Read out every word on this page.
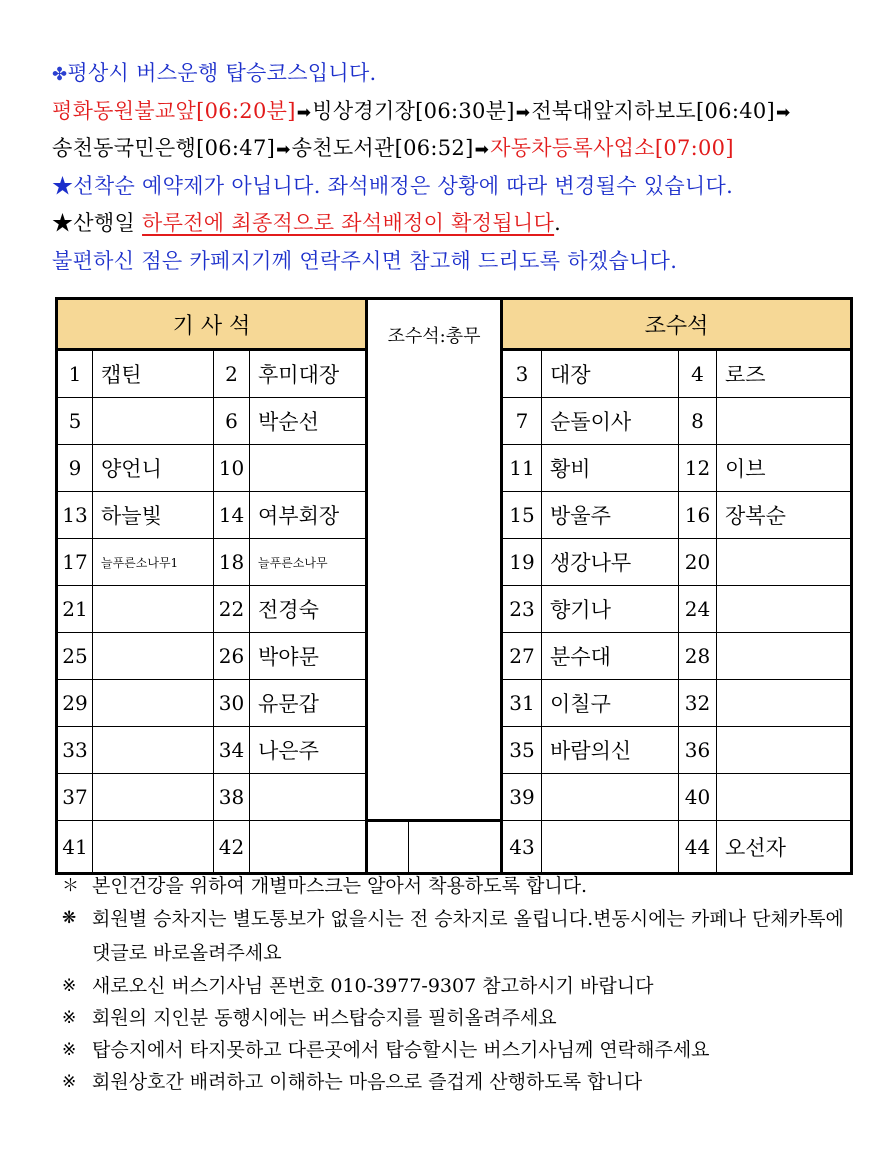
✤평상시 버스운행 탑승코스입니다.
평화동원불교앞[06:20분]➡빙상경기장[06:30분]➡전북대앞지하보도[06:40]➡
송천동국민은행[06:47]➡송천도서관[06:52]➡자동차등록사업소[07:00]
★선착순 예약제가 아닙니다. 좌석배정은 상황에 따라 변경될수 있습니다.
★산행일 하루전에 최종적으로 좌석배정이 확정됩니다.
불편하신 점은 카페지기께 연락주시면 참고해 드리도록 하겠습니다.
기 사 석				조수석:총무	조수석			
1	캡틴	2	후미대장		3	대장	4	로즈
5		6	박순선		7	순돌이사	8	
9	양언니	10			11	황비	12	이브
13	하늘빛	14	여부회장		15	방울주	16	장복순
17	늘푸른소나무1	18	늘푸른소나무		19	생강나무	20	
21		22	전경숙		23	향기나	24	
25		26	박야문		27	분수대	28	
29		30	유문갑		31	이칠구	32	
33		34	나은주		35	바람의신	36	
37		38			39		40	
41		42			43		44	오선자
＊ 본인건강을 위하여 개별마스크는 알아서 착용하도록 합니다.
❋ 회원별 승차지는 별도통보가 없을시는 전 승차지로 올립니다.변동시에는 카페나 단체카톡에 댓글로 바로올려주세요
※ 새로오신 버스기사님 폰번호 010-3977-9307 참고하시기 바랍니다
※ 회원의 지인분 동행시에는 버스탑승지를 필히올려주세요
※ 탑승지에서 타지못하고 다른곳에서 탑승할시는 버스기사님께 연락해주세요
※ 회원상호간 배려하고 이해하는 마음으로 즐겁게 산행하도록 합니다
